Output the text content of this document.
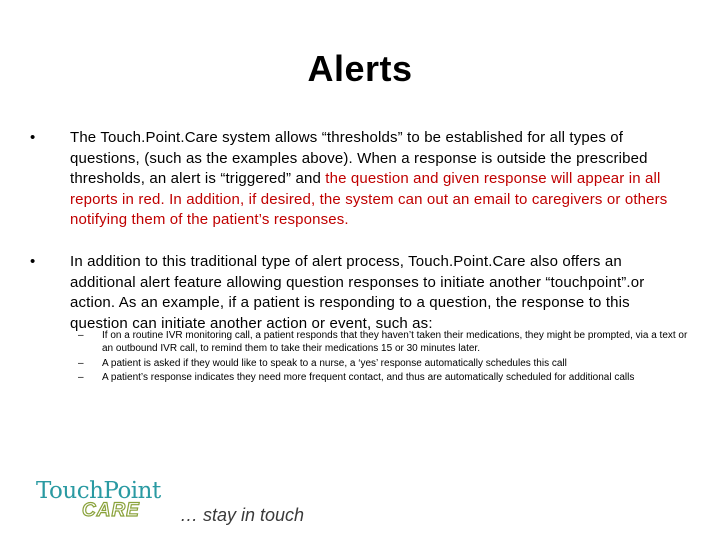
Alerts
• The Touch.Point.Care system allows “thresholds” to be established for all types of questions, (such as the examples above). When a response is outside the prescribed thresholds, an alert is “triggered” and the question and given response will appear in all reports in red. In addition, if desired, the system can out an email to caregivers or others notifying them of the patient’s responses.
• In addition to this traditional type of alert process, Touch.Point.Care also offers an additional alert feature allowing question responses to initiate another “touchpoint”.or action. As an example, if a patient is responding to a question, the response to this question can initiate another action or event, such as:
– If on a routine IVR monitoring call, a patient responds that they haven’t taken their medications, they might be prompted, via a text or an outbound IVR call, to remind them to take their medications 15 or 30 minutes later.
– A patient is asked if they would like to speak to a nurse, a ‘yes’ response automatically schedules this call
– A patient’s response indicates they need more frequent contact, and thus are automatically scheduled for additional calls
TouchPoint
CARE … stay in touch
